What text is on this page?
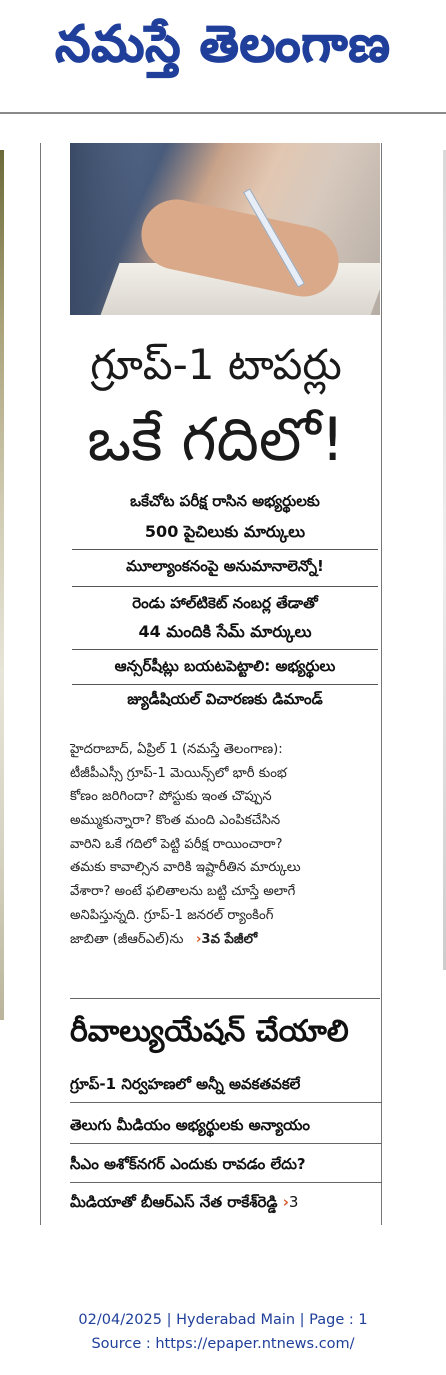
నమస్తే తెలంగాణ
గ్రూప్-1 టాపర్లు
ఒకే గదిలో!
ఒకేచోట పరీక్ష రాసిన అభ్యర్థులకు
500 పైచిలుకు మార్కులు
మూల్యాంకనంపై అనుమానాలెన్నో!
రెండు హాల్‌టికెట్ నంబర్ల తేడాతో
44 మందికి సేమ్ మార్కులు
ఆన్సర్‌షీట్లు బయటపెట్టాలి: అభ్యర్థులు
జ్యుడీషియల్ విచారణకు డిమాండ్
హైదరాబాద్, ఏప్రిల్ 1 (నమస్తే తెలంగాణ):
టీజీపీఎస్సీ గ్రూప్-1 మెయిన్స్‌లో భారీ కుంభ
కోణం జరిగిందా? పోస్టుకు ఇంత చొప్పున
అమ్ముకున్నారా? కొంత మంది ఎంపికచేసిన
వారిని ఒకే గదిలో పెట్టి పరీక్ష రాయించారా?
తమకు కావాల్సిన వారికి ఇష్టారీతిన మార్కులు
వేశారా? అంటే ఫలితాలను బట్టి చూస్తే అలాగే
అనిపిస్తున్నది. గ్రూప్-1 జనరల్ ర్యాంకింగ్
జాబితా (జీఆర్‌ఎల్)ను ›3వ పేజీలో
రీవాల్యుయేషన్ చేయాలి
గ్రూప్-1 నిర్వహణలో అన్నీ అవకతవకలే
తెలుగు మీడియం అభ్యర్థులకు అన్యాయం
సీఎం అశోక్‌నగర్ ఎందుకు రావడం లేదు?
మీడియాతో బీఆర్‌ఎస్ నేత రాకేశ్‌రెడ్డి ›3
02/04/2025 | Hyderabad Main | Page : 1
Source : https://epaper.ntnews.com/
